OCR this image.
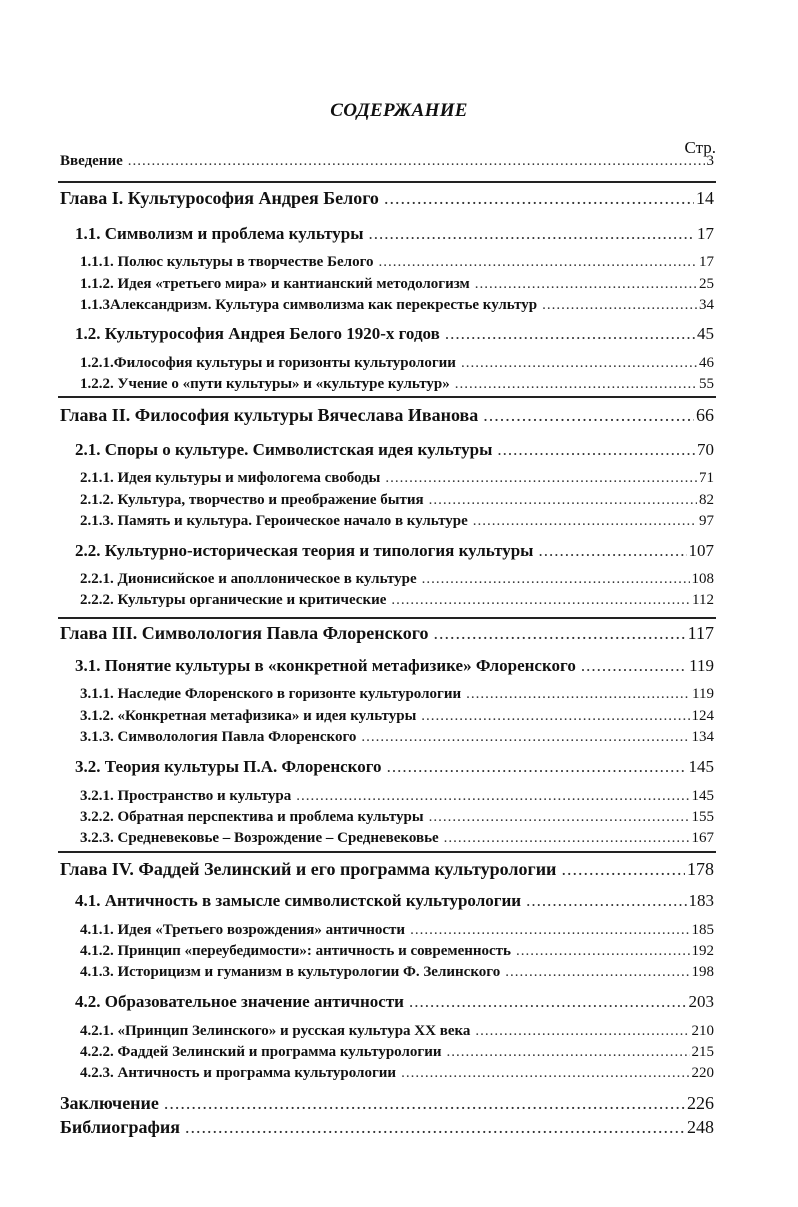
СОДЕРЖАНИЕ
Стр.
Введение .....	3
Глава I. Культурософия Андрея Белого .....	14
1.1. Символизм и проблема культуры .....	17
1.1.1. Полюс культуры в творчестве Белого .....	17
1.1.2. Идея «третьего мира» и кантианский методологизм .....	25
1.1.3Александризм. Культура символизма как перекрестье культур .....	34
1.2. Культурософия Андрея Белого 1920-х годов .....	45
1.2.1.Философия культуры и горизонты культурологии .....	46
1.2.2. Учение о «пути культуры» и «культуре культур» .....	55
Глава II. Философия культуры Вячеслава Иванова .....	66
2.1. Споры о культуре. Символистская идея культуры .....	70
2.1.1. Идея культуры и мифологема свободы .....	71
2.1.2. Культура, творчество и преображение бытия .....	82
2.1.3. Память и культура. Героическое начало в культуре .....	97
2.2. Культурно-историческая теория и типология культуры .....	107
2.2.1. Дионисийское и аполлоническое в культуре .....	108
2.2.2. Культуры органические и критические .....	112
Глава III. Символология Павла Флоренского .....	117
3.1. Понятие культуры в «конкретной метафизике» Флоренского .....	119
3.1.1. Наследие Флоренского в горизонте культурологии .....	119
3.1.2. «Конкретная метафизика» и идея культуры .....	124
3.1.3. Символология Павла Флоренского .....	134
3.2. Теория культуры П.А. Флоренского .....	145
3.2.1. Пространство и культура .....	145
3.2.2. Обратная перспектива и проблема культуры .....	155
3.2.3. Средневековье – Возрождение – Средневековье .....	167
Глава IV. Фаддей Зелинский и его программа культурологии .....	178
4.1. Античность в замысле символистской культурологии .....	183
4.1.1. Идея «Третьего возрождения» античности .....	185
4.1.2. Принцип «переубедимости»: античность и современность .....	192
4.1.3. Историцизм и гуманизм в культурологии Ф. Зелинского .....	198
4.2. Образовательное значение античности .....	203
4.2.1. «Принцип Зелинского» и русская культура XX века .....	210
4.2.2. Фаддей Зелинский и программа культурологии .....	215
4.2.3. Античность и программа культурологии .....	220
Заключение .....	226
Библиография .....	248
